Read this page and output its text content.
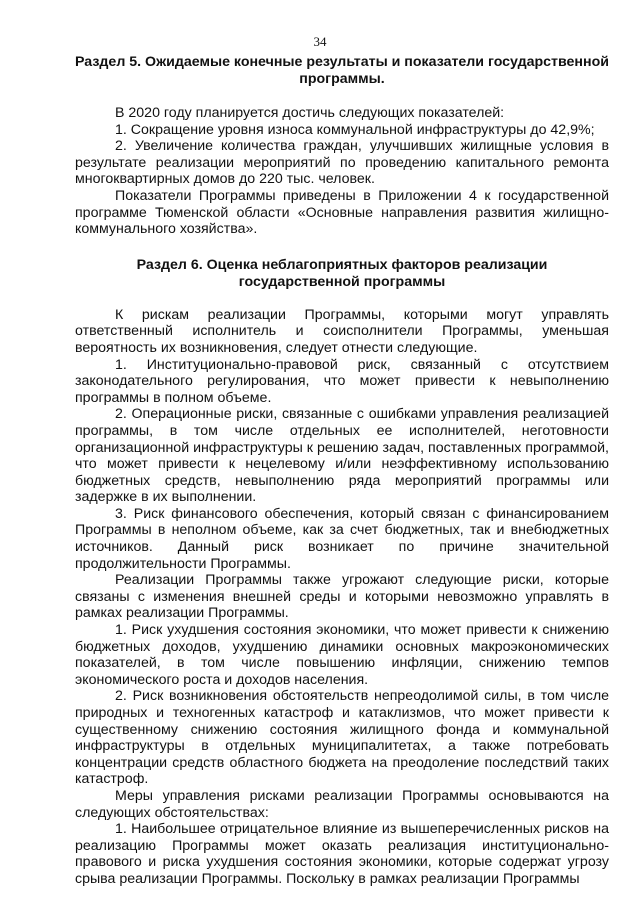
34

Раздел 5. Ожидаемые конечные результаты и показатели государственной программы.

В 2020 году планируется достичь следующих показателей:

1. Сокращение уровня износа коммунальной инфраструктуры до 42,9%;

2. Увеличение количества граждан, улучшивших жилищные условия в результате реализации мероприятий по проведению капитального ремонта многоквартирных домов до 220 тыс. человек.

Показатели Программы приведены в Приложении 4 к государственной программе Тюменской области «Основные направления развития жилищно-коммунального хозяйства».

Раздел 6. Оценка неблагоприятных факторов реализации государственной программы

К рискам реализации Программы, которыми могут управлять ответственный исполнитель и соисполнители Программы, уменьшая вероятность их возникновения, следует отнести следующие.

1. Институционально-правовой риск, связанный с отсутствием законодательного регулирования, что может привести к невыполнению программы в полном объеме.

2. Операционные риски, связанные с ошибками управления реализацией программы, в том числе отдельных ее исполнителей, неготовности организационной инфраструктуры к решению задач, поставленных программой, что может привести к нецелевому и/или неэффективному использованию бюджетных средств, невыполнению ряда мероприятий программы или задержке в их выполнении.

3. Риск финансового обеспечения, который связан с финансированием Программы в неполном объеме, как за счет бюджетных, так и внебюджетных источников. Данный риск возникает по причине значительной продолжительности Программы.

Реализации Программы также угрожают следующие риски, которые связаны с изменения внешней среды и которыми невозможно управлять в рамках реализации Программы.

1. Риск ухудшения состояния экономики, что может привести к снижению бюджетных доходов, ухудшению динамики основных макроэкономических показателей, в том числе повышению инфляции, снижению темпов экономического роста и доходов населения.

2. Риск возникновения обстоятельств непреодолимой силы, в том числе природных и техногенных катастроф и катаклизмов, что может привести к существенному снижению состояния жилищного фонда и коммунальной инфраструктуры в отдельных муниципалитетах, а также потребовать концентрации средств областного бюджета на преодоление последствий таких катастроф.

Меры управления рисками реализации Программы основываются на следующих обстоятельствах:

1. Наибольшее отрицательное влияние из вышеперечисленных рисков на реализацию Программы может оказать реализация институционально-правового и риска ухудшения состояния экономики, которые содержат угрозу срыва реализации Программы. Поскольку в рамках реализации Программы
